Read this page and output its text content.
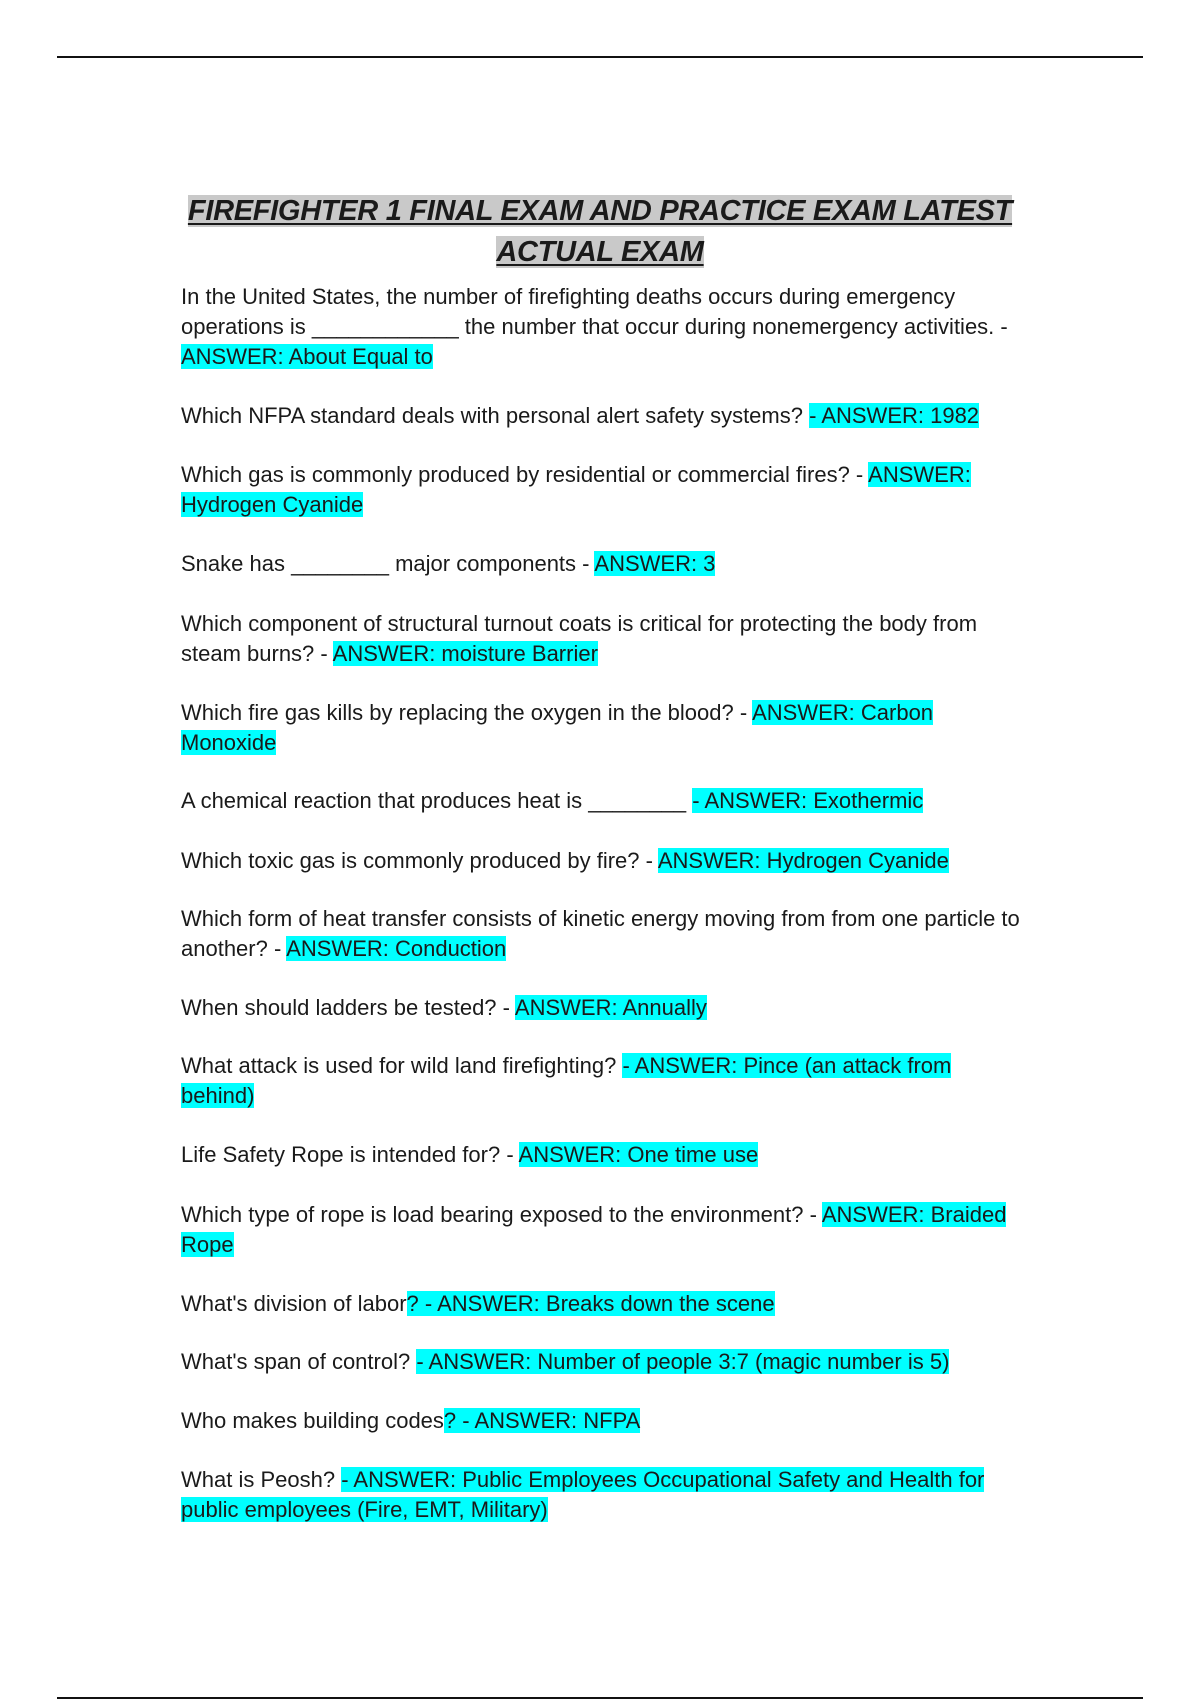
FIREFIGHTER 1 FINAL EXAM AND PRACTICE EXAM LATEST ACTUAL EXAM

In the United States, the number of firefighting deaths occurs during emergency operations is ____________ the number that occur during nonemergency activities. - ANSWER: About Equal to

Which NFPA standard deals with personal alert safety systems? - ANSWER: 1982

Which gas is commonly produced by residential or commercial fires? - ANSWER: Hydrogen Cyanide

Snake has ________ major components - ANSWER: 3

Which component of structural turnout coats is critical for protecting the body from steam burns? - ANSWER: moisture Barrier

Which fire gas kills by replacing the oxygen in the blood? - ANSWER: Carbon Monoxide

A chemical reaction that produces heat is ________ - ANSWER: Exothermic

Which toxic gas is commonly produced by fire? - ANSWER: Hydrogen Cyanide

Which form of heat transfer consists of kinetic energy moving from from one particle to another? - ANSWER: Conduction

When should ladders be tested? - ANSWER: Annually

What attack is used for wild land firefighting? - ANSWER: Pince (an attack from behind)

Life Safety Rope is intended for? - ANSWER: One time use

Which type of rope is load bearing exposed to the environment? - ANSWER: Braided Rope

What's division of labor? - ANSWER: Breaks down the scene

What's span of control? - ANSWER: Number of people 3:7 (magic number is 5)

Who makes building codes? - ANSWER: NFPA

What is Peosh? - ANSWER: Public Employees Occupational Safety and Health for public employees (Fire, EMT, Military)
